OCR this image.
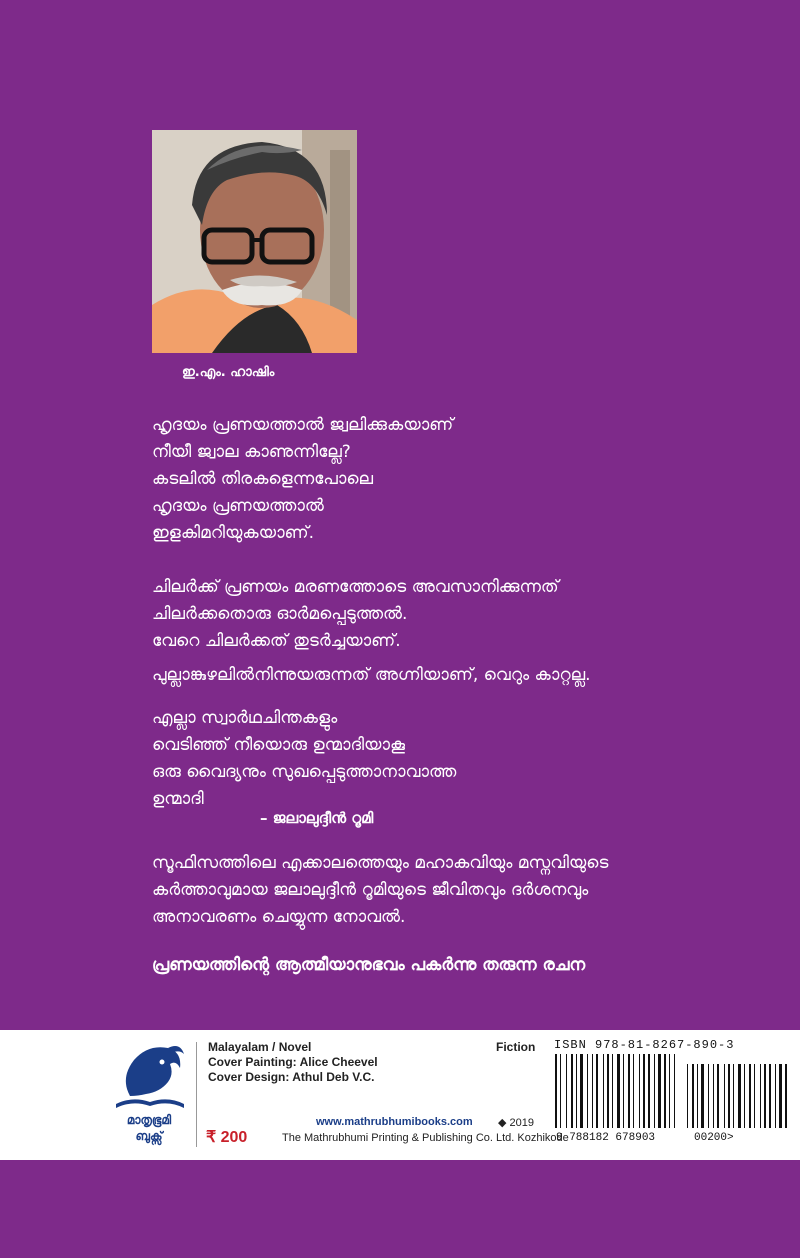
ഇ.എം. ഹാഷിം

ഹൃദയം പ്രണയത്താൽ ജ്വലിക്കുകയാണ്

നീയീ ജ്വാല കാണുന്നില്ലേ?

കടലിൽ തിരകളെന്നപോലെ

ഹൃദയം പ്രണയത്താൽ

ഇളകിമറിയുകയാണ്.

ചിലർക്ക് പ്രണയം മരണത്തോടെ അവസാനിക്കുന്നത്

ചിലർക്കതൊരു ഓർമപ്പെടുത്തൽ.

വേറെ ചിലർക്കത് തുടർച്ചയാണ്.

പുല്ലാങ്കുഴലിൽനിന്നുയരുന്നത് അഗ്നിയാണ്, വെറും കാറ്റല്ല.

എല്ലാ സ്വാർഥചിന്തകളും

വെടിഞ്ഞ് നീയൊരു ഉന്മാദിയാകൂ

ഒരു വൈദ്യനും സുഖപ്പെടുത്താനാവാത്ത

ഉന്മാദി

– ജലാലുദ്ദീൻ റൂമി

സൂഫിസത്തിലെ എക്കാലത്തെയും മഹാകവിയും മസ്നവിയുടെ

കർത്താവുമായ ജലാലുദ്ദീൻ റൂമിയുടെ ജീവിതവും ദർശനവും

അനാവരണം ചെയ്യുന്ന നോവൽ.

പ്രണയത്തിന്റെ ആത്മീയാനുഭവം പകർന്നു തരുന്ന രചന
മാതൃഭൂമി
ബുക്സ്
Malayalam / Novel
Cover Painting: Alice Cheevel
Cover Design: Athul Deb V.C.
₹ 200
Fiction
www.mathrubhumibooks.com ◆ 2019
The Mathrubhumi Printing & Publishing Co. Ltd. Kozhikode
ISBN 978-81-8267-890-3
9 788182 678903	00200>
